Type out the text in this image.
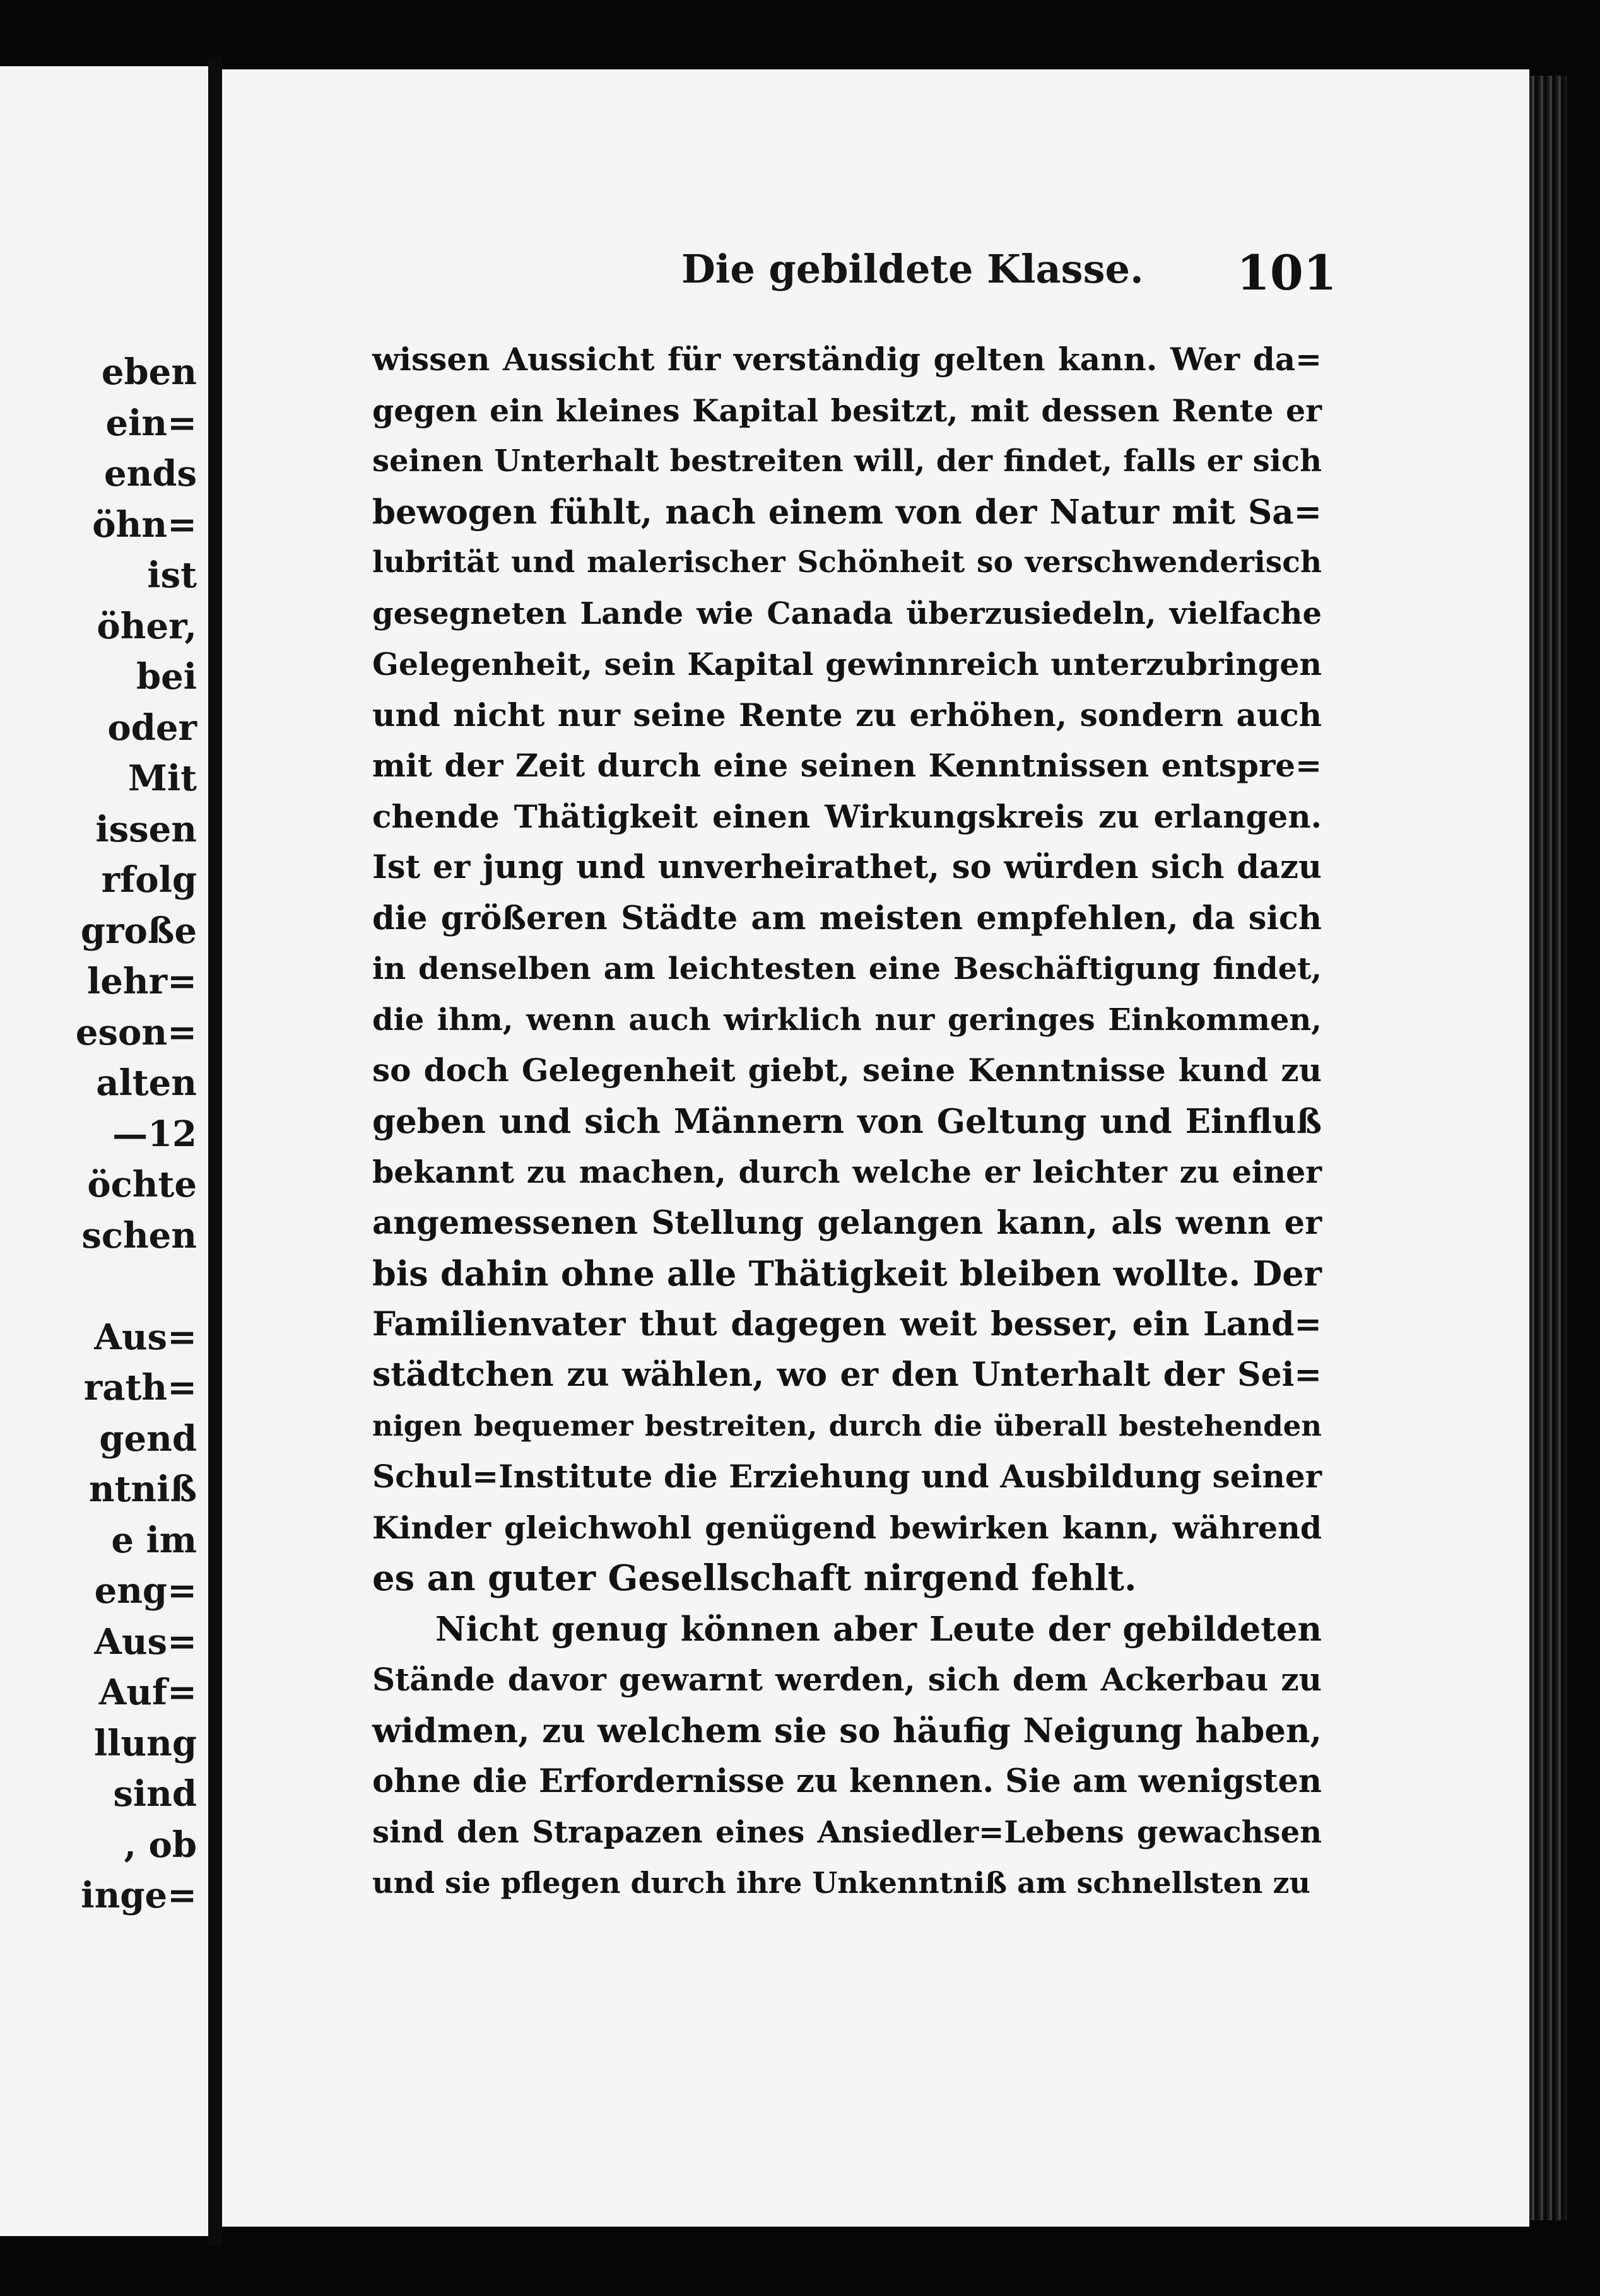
eben
ein=
ends
öhn=
ist
öher,
bei
oder
Mit
issen
rfolg
große
lehr=
eson=
alten
—12
öchte
schen
Aus=
rath=
gend
ntniß
e im
eng=
Aus=
Auf=
llung
sind
, ob
inge=
Die gebildete Klasse. 101
wissen Aussicht für verständig gelten kann. Wer da=
gegen ein kleines Kapital besitzt, mit dessen Rente er
seinen Unterhalt bestreiten will, der findet, falls er sich
bewogen fühlt, nach einem von der Natur mit Sa=
lubrität und malerischer Schönheit so verschwenderisch
gesegneten Lande wie Canada überzusiedeln, vielfache
Gelegenheit, sein Kapital gewinnreich unterzubringen
und nicht nur seine Rente zu erhöhen, sondern auch
mit der Zeit durch eine seinen Kenntnissen entspre=
chende Thätigkeit einen Wirkungskreis zu erlangen.
Ist er jung und unverheirathet, so würden sich dazu
die größeren Städte am meisten empfehlen, da sich
in denselben am leichtesten eine Beschäftigung findet,
die ihm, wenn auch wirklich nur geringes Einkommen,
so doch Gelegenheit giebt, seine Kenntnisse kund zu
geben und sich Männern von Geltung und Einfluß
bekannt zu machen, durch welche er leichter zu einer
angemessenen Stellung gelangen kann, als wenn er
bis dahin ohne alle Thätigkeit bleiben wollte. Der
Familienvater thut dagegen weit besser, ein Land=
städtchen zu wählen, wo er den Unterhalt der Sei=
nigen bequemer bestreiten, durch die überall bestehenden
Schul=Institute die Erziehung und Ausbildung seiner
Kinder gleichwohl genügend bewirken kann, während
es an guter Gesellschaft nirgend fehlt.
Nicht genug können aber Leute der gebildeten
Stände davor gewarnt werden, sich dem Ackerbau zu
widmen, zu welchem sie so häufig Neigung haben,
ohne die Erfordernisse zu kennen. Sie am wenigsten
sind den Strapazen eines Ansiedler=Lebens gewachsen
und sie pflegen durch ihre Unkenntniß am schnellsten zu
